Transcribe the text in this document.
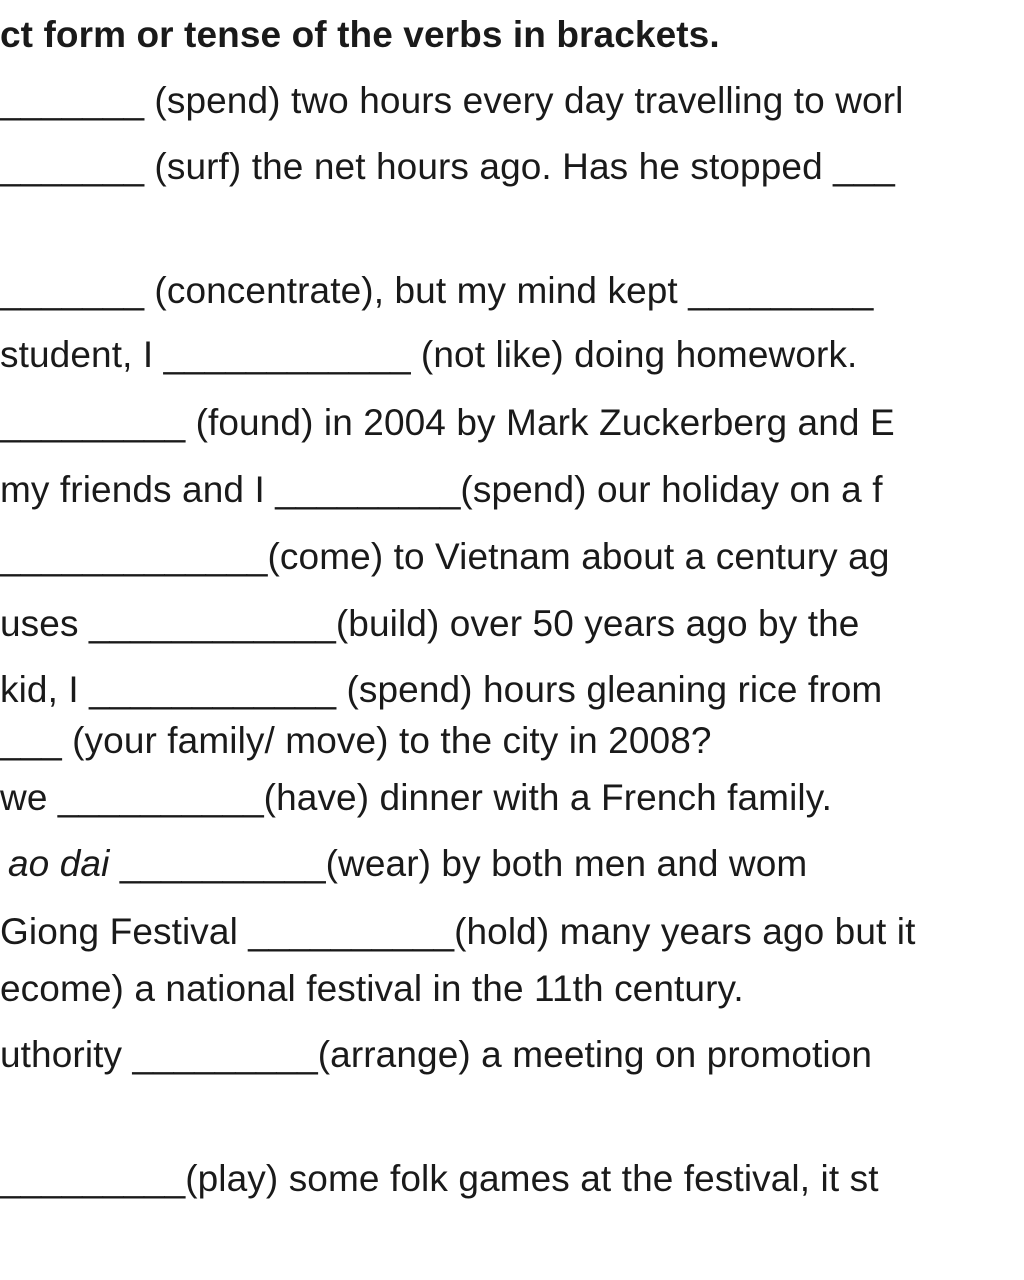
ct form or tense of the verbs in brackets.
_______ (spend) two hours every day travelling to worl
_______ (surf) the net hours ago. Has he stopped ___
_______ (concentrate), but my mind kept _________
student, I ____________ (not like) doing homework.
_________ (found) in 2004 by Mark Zuckerberg and E
my friends and I _________(spend) our holiday on a f
_____________(come) to Vietnam about a century ag
uses ____________(build) over 50 years ago by the
kid, I ____________ (spend) hours gleaning rice from
___ (your family/ move) to the city in 2008?
we __________(have) dinner with a French family.
ao dai __________(wear) by both men and wom
Giong Festival __________(hold) many years ago but it
ecome) a national festival in the 11th century.
uthority _________(arrange) a meeting on promotion
_________(play) some folk games at the festival, it st
